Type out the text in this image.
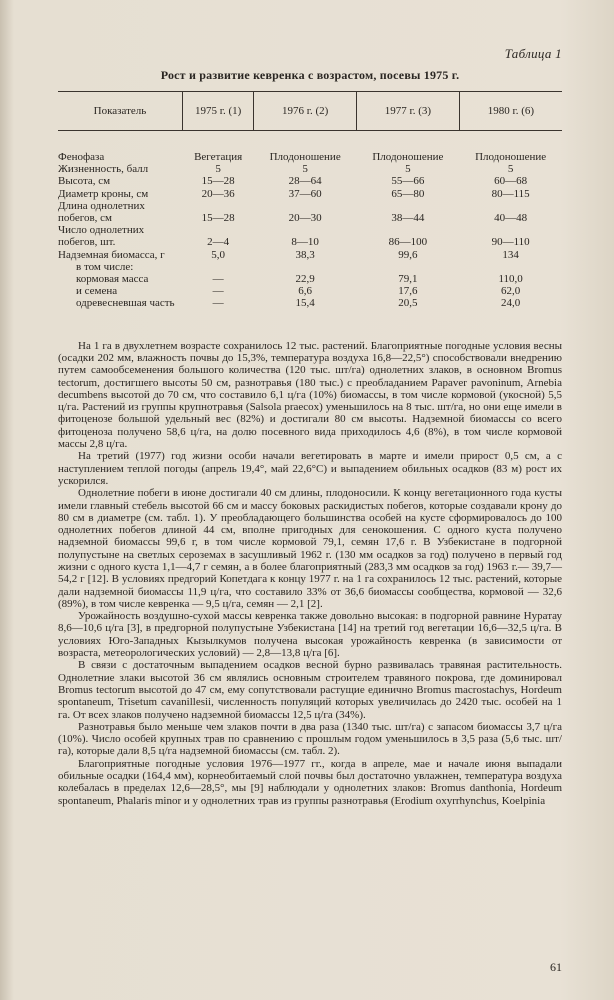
Таблица 1
Рост и развитие кевренка с возрастом, посевы 1975 г.
Показатель	1975 г. (1)	1976 г. (2)	1977 г. (3)	1980 г. (6)
Фенофаза	Вегетация	Плодоношение	Плодоношение	Плодоношение
Жизненность, балл	5	5	5	5
Высота, см	15—28	28—64	55—66	60—68
Диаметр кроны, см	20—36	37—60	65—80	80—115
Длина однолетних побегов, см	15—28	20—30	38—44	40—48
Число однолетних побегов, шт.	2—4	8—10	86—100	90—110
Надземная биомасса, г	5,0	38,3	99,6	134
в том числе:				
кормовая масса	—	22,9	79,1	110,0
и семена	—	6,6	17,6	62,0
одревесневшая часть	—	15,4	20,5	24,0

На 1 га в двухлетнем возрасте сохранилось 12 тыс. растений. Благоприятные погодные условия весны (осадки 202 мм, влажность почвы до 15,3%, температура воздуха 16,8—22,5°) способствовали внедрению путем самообсеменения большого количества (120 тыс. шт/га) однолетних злаков, в основном Bromus tectorum, достигшего высоты 50 см, разнотравья (180 тыс.) с преобладанием Papaver pavoninum, Arnebia decumbens высотой до 70 см, что составило 6,1 ц/га (10%) биомассы, в том числе кормовой (укосной) 5,5 ц/га. Растений из группы крупнотравья (Salsola praecox) уменьшилось на 8 тыс. шт/га, но они еще имели в фитоценозе большой удельный вес (82%) и достигали 80 см высоты. Надземной биомассы со всего фитоценоза получено 58,6 ц/га, на долю посевного вида приходилось 4,6 (8%), в том числе кормовой массы 2,8 ц/га.

На третий (1977) год жизни особи начали вегетировать в марте и имели прирост 0,5 см, а с наступлением теплой погоды (апрель 19,4°, май 22,6°С) и выпадением обильных осадков (83 м) рост их ускорился.

Однолетние побеги в июне достигали 40 см длины, плодоносили. К концу вегетационного года кусты имели главный стебель высотой 66 см и массу боковых раскидистых побегов, которые создавали крону до 80 см в диаметре (см. табл. 1). У преобладающего большинства особей на кусте сформировалось до 100 однолетних побегов длиной 44 см, вполне пригодных для сенокошения. С одного куста получено надземной биомассы 99,6 г, в том числе кормовой 79,1, семян 17,6 г. В Узбекистане в подгорной полупустыне на светлых сероземах в засушливый 1962 г. (130 мм осадков за год) получено в первый год жизни с одного куста 1,1—4,7 г семян, а в более благоприятный (283,3 мм осадков за год) 1963 г.— 39,7—54,2 г [12]. В условиях предгорий Копетдага к концу 1977 г. на 1 га сохранилось 12 тыс. растений, которые дали надземной биомассы 11,9 ц/га, что составило 33% от 36,6 биомассы сообщества, кормовой — 32,6 (89%), в том числе кевренка — 9,5 ц/га, семян — 2,1 [2].

Урожайность воздушно-сухой массы кевренка также довольно высокая: в подгорной равнине Нуратау 8,6—10,6 ц/га [3], в предгорной полупустыне Узбекистана [14] на третий год вегетации 16,6—32,5 ц/га. В условиях Юго-Западных Кызылкумов получена высокая урожайность кевренка (в зависимости от возраста, метеорологических условий) — 2,8—13,8 ц/га [6].

В связи с достаточным выпадением осадков весной бурно развивалась травяная растительность. Однолетние злаки высотой 36 см являлись основным строителем травяного покрова, где доминировал Bromus tectorum высотой до 47 см, ему сопутствовали растущие единично Bromus macrostachys, Hordeum spontaneum, Trisetum cavanillesii, численность популяций которых увеличилась до 2420 тыс. особей на 1 га. От всех злаков получено надземной биомассы 12,5 ц/га (34%).

Разнотравья было меньше чем злаков почти в два раза (1340 тыс. шт/га) с запасом биомассы 3,7 ц/га (10%). Число особей крупных трав по сравнению с прошлым годом уменьшилось в 3,5 раза (5,6 тыс. шт/га), которые дали 8,5 ц/га надземной биомассы (см. табл. 2).

Благоприятные погодные условия 1976—1977 гг., когда в апреле, мае и начале июня выпадали обильные осадки (164,4 мм), корнеобитаемый слой почвы был достаточно увлажнен, температура воздуха колебалась в пределах 12,6—28,5°, мы [9] наблюдали у однолетних злаков: Bromus danthonia, Hordeum spontaneum, Phalaris minor и у однолетних трав из группы разнотравья (Erodium oxyrrhynchus, Koelpinia

61
